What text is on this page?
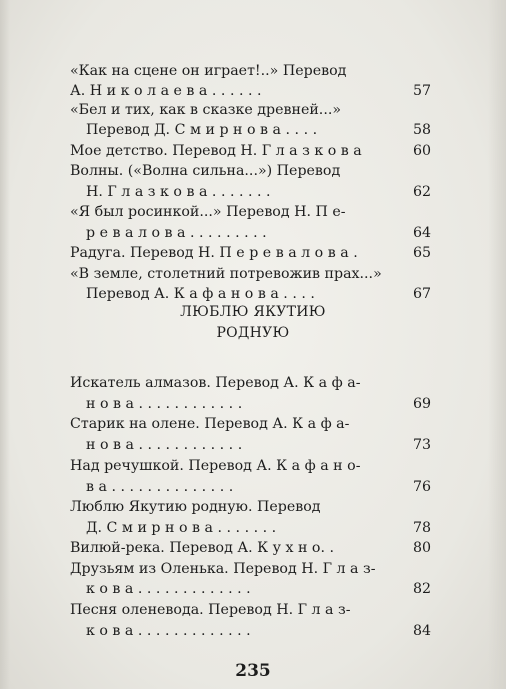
«Как на сцене он играет!..» Перевод
А. Н и к о л а е в а . . . . . .	57
«Бел и тих, как в сказке древней...»
Перевод Д. С м и р н о в а . . . .	58
Мое детство. Перевод Н. Г л а з к о в а	60
Волны. («Волна сильна...») Перевод
Н. Г л а з к о в а . . . . . . .	62
«Я был росинкой...» Перевод Н. П е-
р е в а л о в а . . . . . . . . .	64
Радуга. Перевод Н. П е р е в а л о в а .	65
«В земле, столетний потревожив прах...»
Перевод А. К а ф а н о в а . . . .	67
ЛЮБЛЮ ЯКУТИЮ
РОДНУЮ
Искатель алмазов. Перевод А. К а ф а-
н о в а . . . . . . . . . . . .	69
Старик на олене. Перевод А. К а ф а-
н о в а . . . . . . . . . . . .	73
Над речушкой. Перевод А. К а ф а н о-
в а . . . . . . . . . . . . . .	76
Люблю Якутию родную. Перевод
Д. С м и р н о в а . . . . . . .	78
Вилюй-река. Перевод А. К у х н о. .	80
Друзьям из Оленька. Перевод Н. Г л а з-
к о в а . . . . . . . . . . . . .	82
Песня оленевода. Перевод Н. Г л а з-
к о в а . . . . . . . . . . . . .	84
235
